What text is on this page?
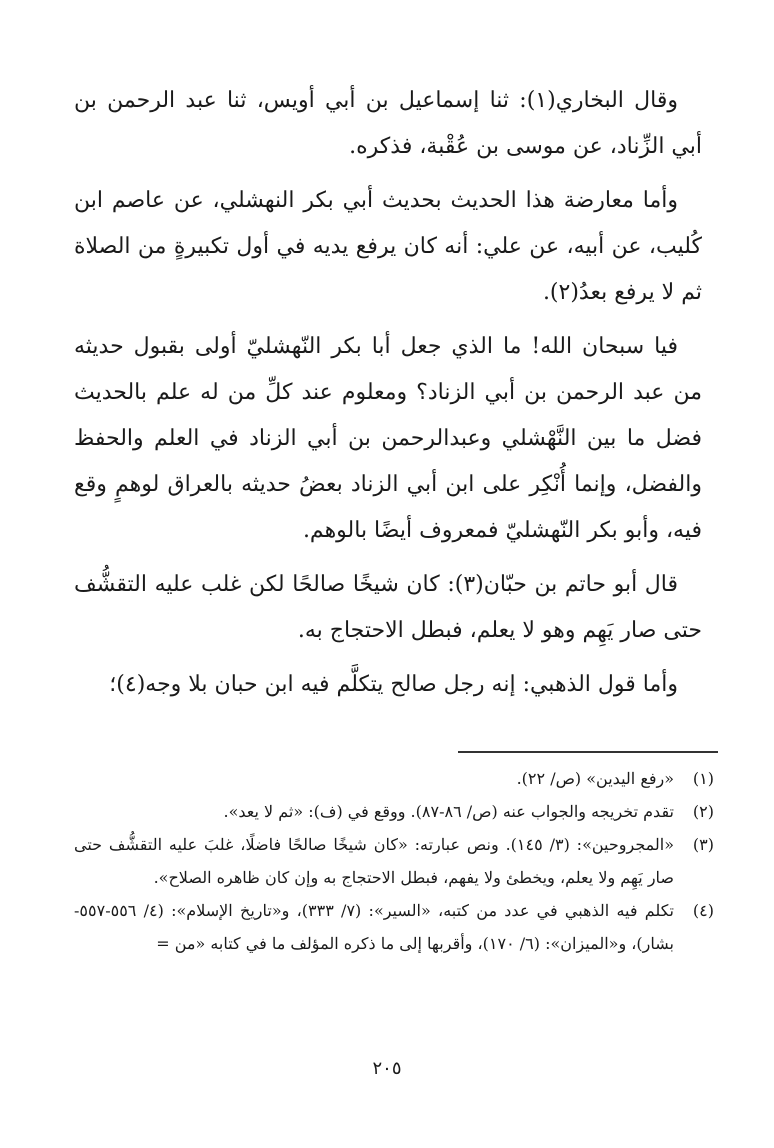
وقال البخاري(١): ثنا إسماعيل بن أبي أويس، ثنا عبد الرحمن بن أبي الزِّناد، عن موسى بن عُقْبة، فذكره.

وأما معارضة هذا الحديث بحديث أبي بكر النهشلي، عن عاصم ابن كُليب، عن أبيه، عن علي: أنه كان يرفع يديه في أول تكبيرةٍ من الصلاة ثم لا يرفع بعدُ(٢).

فيا سبحان الله! ما الذي جعل أبا بكر النّهشليّ أولى بقبول حديثه من عبد الرحمن بن أبي الزناد؟ ومعلوم عند كلِّ من له علم بالحديث فضل ما بين النَّهْشلي وعبدالرحمن بن أبي الزناد في العلم والحفظ والفضل، وإنما أُنْكِر على ابن أبي الزناد بعضُ حديثه بالعراق لوهمٍ وقع فيه، وأبو بكر النّهشليّ فمعروف أيضًا بالوهم.

قال أبو حاتم بن حبّان(٣): كان شيخًا صالحًا لكن غلب عليه التقشُّف حتى صار يَهِم وهو لا يعلم، فبطل الاحتجاج به.

وأما قول الذهبي: إنه رجل صالح يتكلَّم فيه ابن حبان بلا وجه(٤)؛

(١)
«رفع اليدين» (ص/ ٢٢).

(٢)
تقدم تخريجه والجواب عنه (ص/ ٨٦-٨٧). ووقع في (ف): «ثم لا يعد».

(٣)
«المجروحين»: (٣/ ١٤٥). ونص عبارته: «كان شيخًا صالحًا فاضلًا، غلبَ عليه التقشُّف حتى صار يَهِم ولا يعلم، ويخطئ ولا يفهم، فبطل الاحتجاج به وإن كان ظاهره الصلاح».

(٤)
تكلم فيه الذهبي في عدد من كتبه، «السير»: (٧/ ٣٣٣)، و«تاريخ الإسلام»: (٤/ ٥٥٦-٥٥٧- بشار)، و«الميزان»: (٦/ ١٧٠)، وأقربها إلى ما ذكره المؤلف ما في كتابه «من =

٢٠٥
